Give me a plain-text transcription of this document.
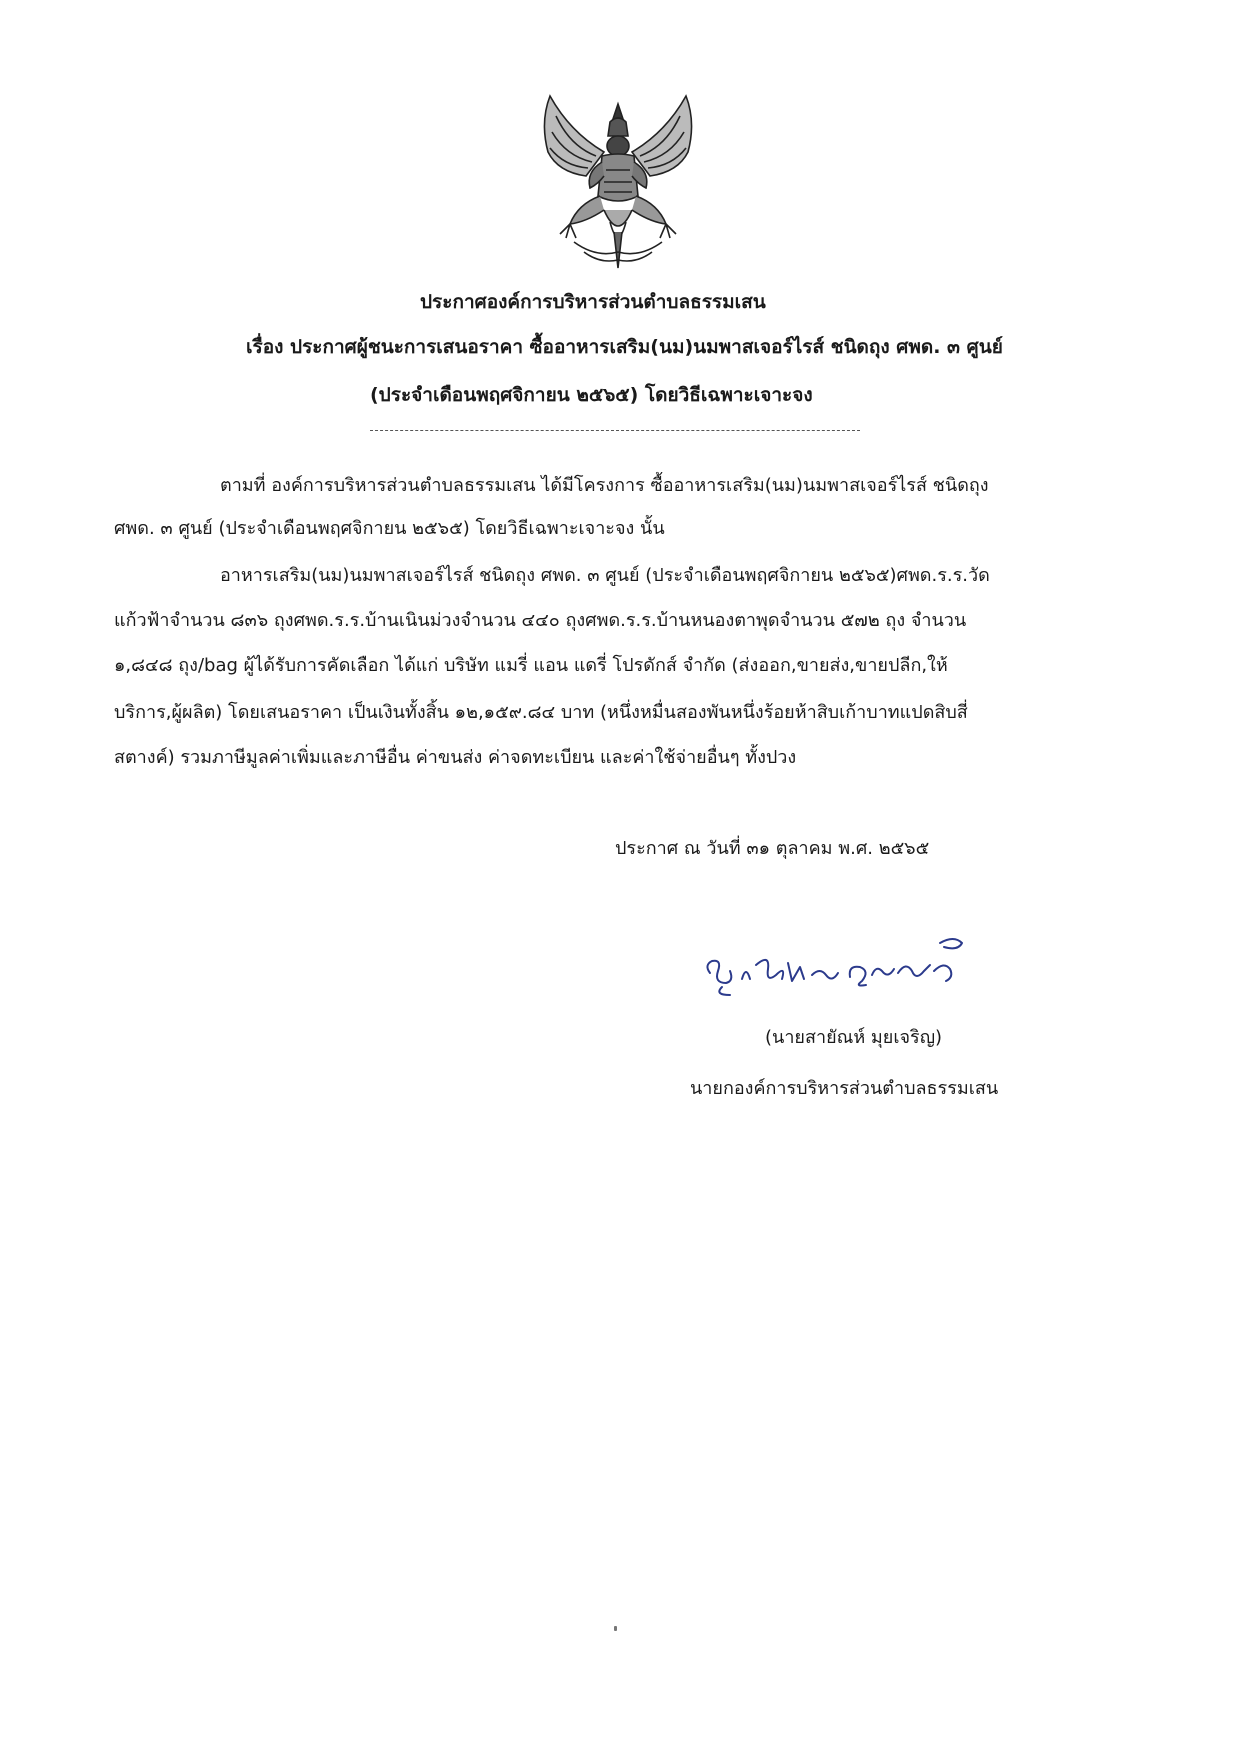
ประกาศองค์การบริหารส่วนตำบลธรรมเสน
เรื่อง ประกาศผู้ชนะการเสนอราคา ซื้ออาหารเสริม(นม)นมพาสเจอร์ไรส์ ชนิดถุง ศพด. ๓ ศูนย์
(ประจำเดือนพฤศจิกายน ๒๕๖๕) โดยวิธีเฉพาะเจาะจง
ตามที่ องค์การบริหารส่วนตำบลธรรมเสน ได้มีโครงการ ซื้ออาหารเสริม(นม)นมพาสเจอร์ไรส์ ชนิดถุง
ศพด. ๓ ศูนย์ (ประจำเดือนพฤศจิกายน ๒๕๖๕) โดยวิธีเฉพาะเจาะจง นั้น
อาหารเสริม(นม)นมพาสเจอร์ไรส์ ชนิดถุง ศพด. ๓ ศูนย์ (ประจำเดือนพฤศจิกายน ๒๕๖๕)ศพด.ร.ร.วัด
แก้วฟ้าจำนวน ๘๓๖ ถุงศพด.ร.ร.บ้านเนินม่วงจำนวน ๔๔๐ ถุงศพด.ร.ร.บ้านหนองตาพุดจำนวน ๕๗๒ ถุง จำนวน
๑,๘๔๘ ถุง/bag ผู้ได้รับการคัดเลือก ได้แก่ บริษัท แมรี่ แอน แดรี่ โปรดักส์ จำกัด (ส่งออก,ขายส่ง,ขายปลีก,ให้
บริการ,ผู้ผลิต) โดยเสนอราคา เป็นเงินทั้งสิ้น ๑๒,๑๕๙.๘๔ บาท (หนึ่งหมื่นสองพันหนึ่งร้อยห้าสิบเก้าบาทแปดสิบสี่
สตางค์) รวมภาษีมูลค่าเพิ่มและภาษีอื่น ค่าขนส่ง ค่าจดทะเบียน และค่าใช้จ่ายอื่นๆ ทั้งปวง
ประกาศ ณ วันที่ ๓๑ ตุลาคม พ.ศ. ๒๕๖๕
(นายสายัณห์ มุยเจริญ)
นายกองค์การบริหารส่วนตำบลธรรมเสน
